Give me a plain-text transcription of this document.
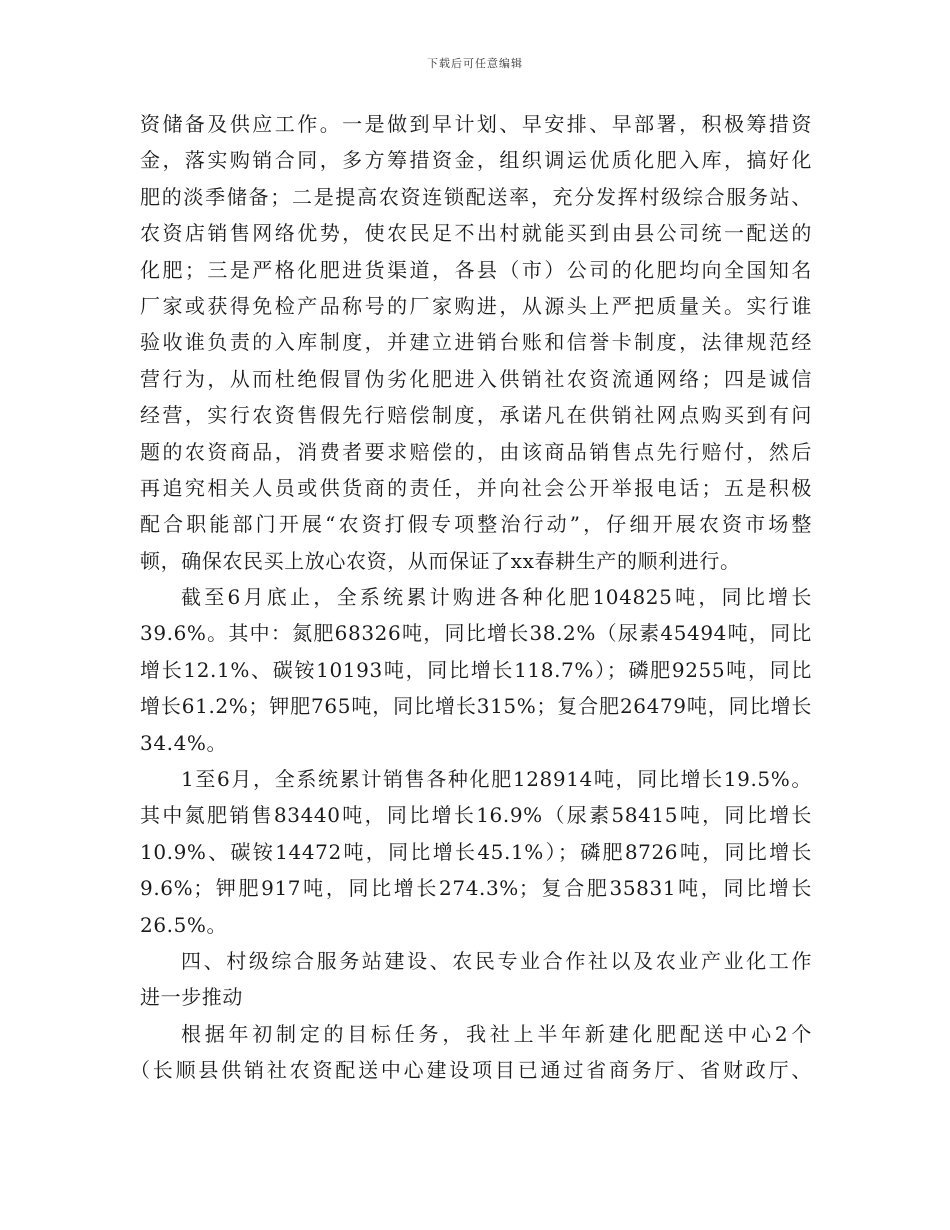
下载后可任意编辑
资储备及供应工作。一是做到早计划、早安排、早部署，积极筹措资
金，落实购销合同，多方筹措资金，组织调运优质化肥入库，搞好化
肥的淡季储备；二是提高农资连锁配送率，充分发挥村级综合服务站、
农资店销售网络优势，使农民足不出村就能买到由县公司统一配送的
化肥；三是严格化肥进货渠道，各县（市）公司的化肥均向全国知名
厂家或获得免检产品称号的厂家购进，从源头上严把质量关。实行谁
验收谁负责的入库制度，并建立进销台账和信誉卡制度，法律规范经
营行为，从而杜绝假冒伪劣化肥进入供销社农资流通网络；四是诚信
经营，实行农资售假先行赔偿制度，承诺凡在供销社网点购买到有问
题的农资商品，消费者要求赔偿的，由该商品销售点先行赔付，然后
再追究相关人员或供货商的责任，并向社会公开举报电话；五是积极
配合职能部门开展“农资打假专项整治行动”，仔细开展农资市场整
顿，确保农民买上放心农资，从而保证了xx春耕生产的顺利进行。
截至6月底止，全系统累计购进各种化肥104825吨，同比增长
39.6%。其中：氮肥68326吨，同比增长38.2%（尿素45494吨，同比
增长12.1%、碳铵10193吨，同比增长118.7%）；磷肥9255吨，同比
增长61.2%；钾肥765吨，同比增长315%；复合肥26479吨，同比增长
34.4%。
1至6月，全系统累计销售各种化肥128914吨，同比增长19.5%。
其中氮肥销售83440吨，同比增长16.9%（尿素58415吨，同比增长
10.9%、碳铵14472吨，同比增长45.1%）；磷肥8726吨，同比增长
9.6%；钾肥917吨，同比增长274.3%；复合肥35831吨，同比增长
26.5%。
四、村级综合服务站建设、农民专业合作社以及农业产业化工作
进一步推动
根据年初制定的目标任务，我社上半年新建化肥配送中心2个
（长顺县供销社农资配送中心建设项目已通过省商务厅、省财政厅、
